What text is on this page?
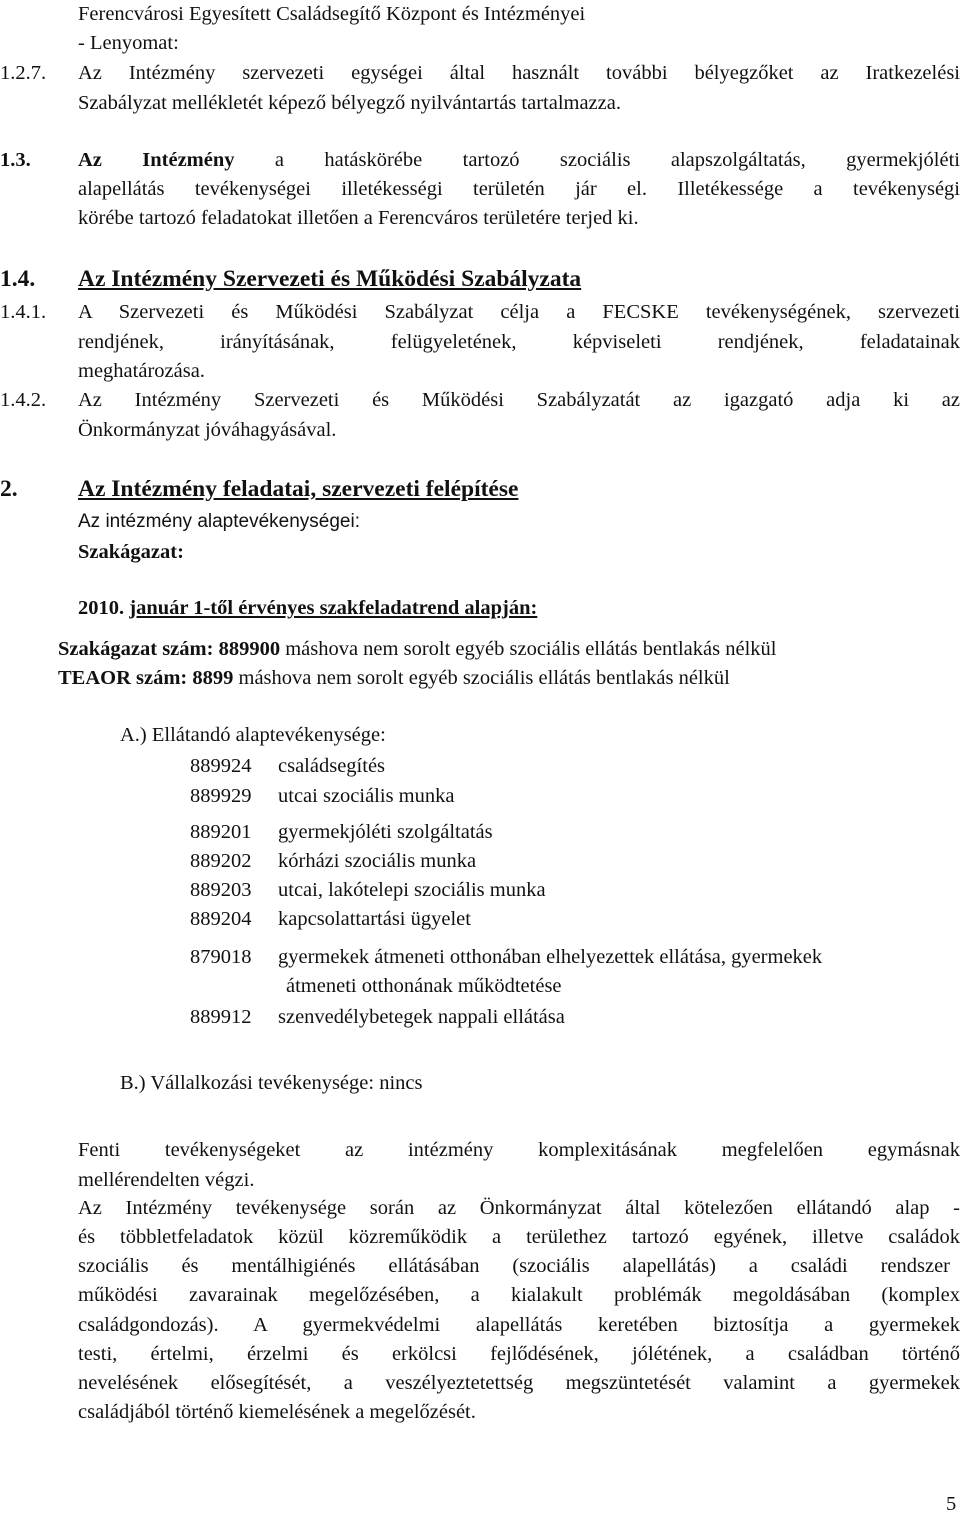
Ferencvárosi Egyesített Családsegítő Központ és Intézményei
- Lenyomat:
1.2.7. Az Intézmény szervezeti egységei által használt további bélyegzőket az Iratkezelési
Szabályzat mellékletét képező bélyegző nyilvántartás tartalmazza.
1.3. Az Intézmény a hatáskörébe tartozó szociális alapszolgáltatás, gyermekjóléti
alapellátás tevékenységei illetékességi területén jár el. Illetékessége a tevékenységi
körébe tartozó feladatokat illetően a Ferencváros területére terjed ki.
1.4. Az Intézmény Szervezeti és Működési Szabályzata
1.4.1. A Szervezeti és Működési Szabályzat célja a FECSKE tevékenységének, szervezeti
rendjének, irányításának, felügyeletének, képviseleti rendjének, feladatainak
meghatározása.
1.4.2. Az Intézmény Szervezeti és Működési Szabályzatát az igazgató adja ki az
Önkormányzat jóváhagyásával.
2.	Az Intézmény feladatai, szervezeti felépítése
Az intézmény alaptevékenységei:
Szakágazat:
2010. január 1-től érvényes szakfeladatrend alapján:
Szakágazat szám: 889900 máshova nem sorolt egyéb szociális ellátás bentlakás nélkül
TEAOR szám: 8899 máshova nem sorolt egyéb szociális ellátás bentlakás nélkül
A.) Ellátandó alaptevékenysége:
889924 családsegítés
889929 utcai szociális munka
889201 gyermekjóléti szolgáltatás
889202 kórházi szociális munka
889203 utcai, lakótelepi szociális munka
889204 kapcsolattartási ügyelet
879018 gyermekek átmeneti otthonában elhelyezettek ellátása, gyermekek
átmeneti otthonának működtetése
889912 szenvedélybetegek nappali ellátása
B.) Vállalkozási tevékenysége: nincs
Fenti tevékenységeket az intézmény komplexitásának megfelelően egymásnak
mellérendelten végzi.
Az Intézmény tevékenysége során az Önkormányzat által kötelezően ellátandó alap -
és többletfeladatok közül közreműködik a területhez tartozó egyének, illetve családok
szociális és mentálhigiénés ellátásában (szociális alapellátás) a családi rendszer
működési zavarainak megelőzésében, a kialakult problémák megoldásában (komplex
családgondozás). A gyermekvédelmi alapellátás keretében biztosítja a gyermekek
testi, értelmi, érzelmi és erkölcsi fejlődésének, jólétének, a családban történő
nevelésének elősegítését, a veszélyeztetettség megszüntetését valamint a gyermekek
családjából történő kiemelésének a megelőzését.
5
